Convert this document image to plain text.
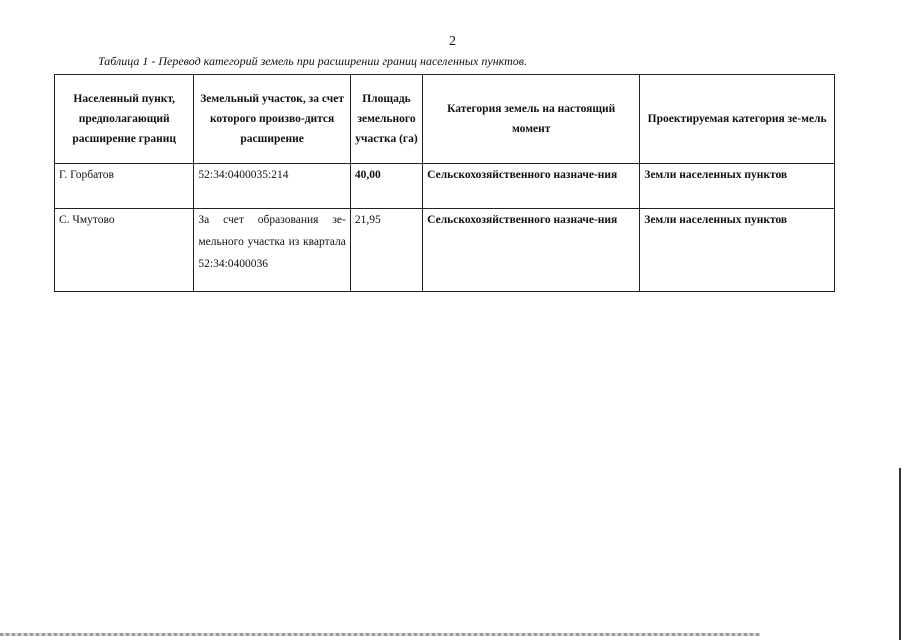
2
Таблица 1 - Перевод категорий земель при расширении границ населенных пунктов.
Населенный пункт, предполагающий расширение границ	Земельный участок, за счет которого произво-дится расширение	Площадь земельного участка (га)	Категория земель на настоящий момент	Проектируемая категория зе-мель
Г. Горбатов	52:34:0400035:214	40,00	Сельскохозяйственного назначе-ния	Земли населенных пунктов
С. Чмутово	За счет образования зе-мельного участка из квартала 52:34:0400036	21,95	Сельскохозяйственного назначе-ния	Земли населенных пунктов
